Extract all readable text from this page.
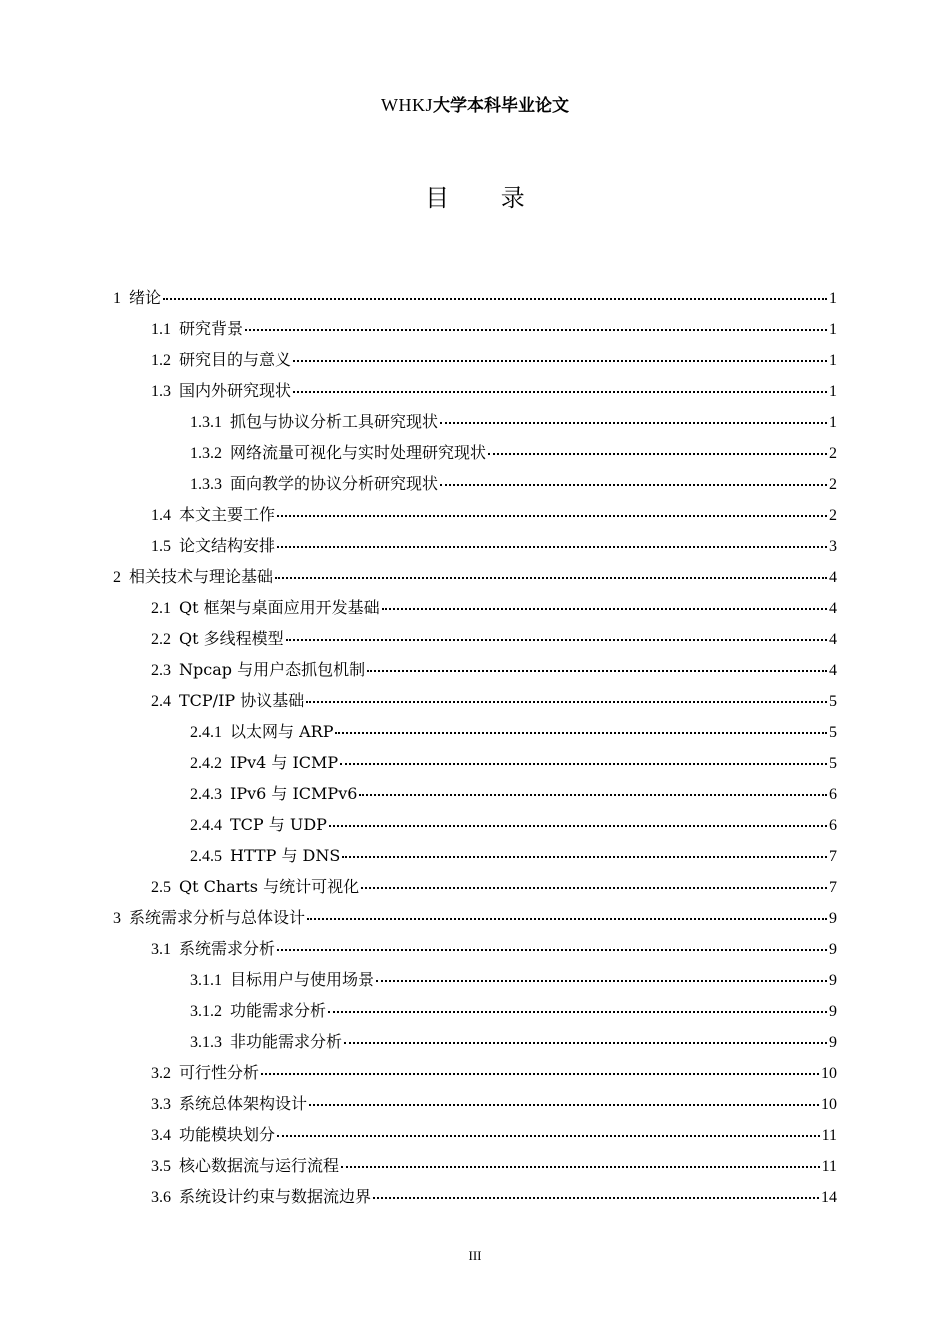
WHKJ大学本科毕业论文
目 录
1 绪论	1
1.1 研究背景	1
1.2 研究目的与意义	1
1.3 国内外研究现状	1
1.3.1 抓包与协议分析工具研究现状	1
1.3.2 网络流量可视化与实时处理研究现状	2
1.3.3 面向教学的协议分析研究现状	2
1.4 本文主要工作	2
1.5 论文结构安排	3
2 相关技术与理论基础	4
2.1 Qt 框架与桌面应用开发基础	4
2.2 Qt 多线程模型	4
2.3 Npcap 与用户态抓包机制	4
2.4 TCP/IP 协议基础	5
2.4.1 以太网与 ARP	5
2.4.2 IPv4 与 ICMP	5
2.4.3 IPv6 与 ICMPv6	6
2.4.4 TCP 与 UDP	6
2.4.5 HTTP 与 DNS	7
2.5 Qt Charts 与统计可视化	7
3 系统需求分析与总体设计	9
3.1 系统需求分析	9
3.1.1 目标用户与使用场景	9
3.1.2 功能需求分析	9
3.1.3 非功能需求分析	9
3.2 可行性分析	10
3.3 系统总体架构设计	10
3.4 功能模块划分	11
3.5 核心数据流与运行流程	11
3.6 系统设计约束与数据流边界	14
III
